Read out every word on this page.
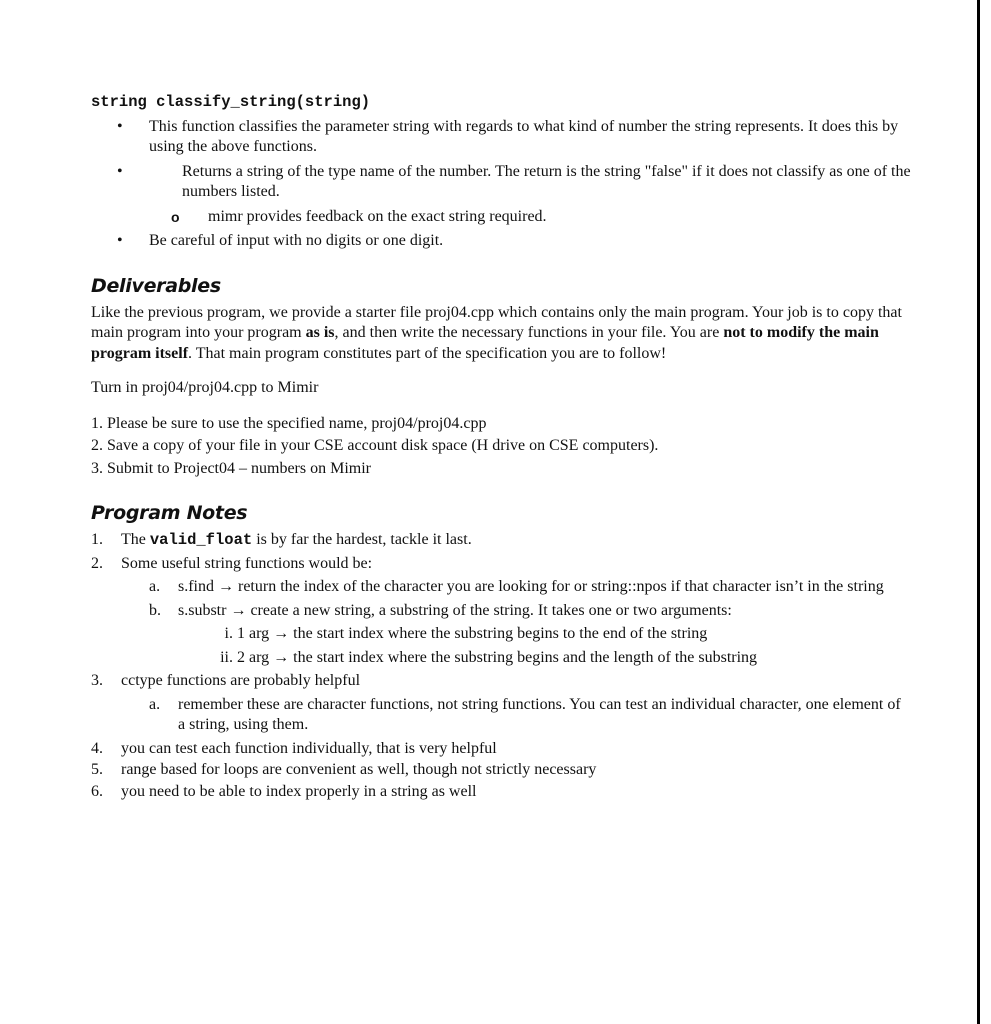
string classify_string(string)
• This function classifies the parameter string with regards to what kind of number the string represents. It does this by using the above functions.
•	Returns a string of the type name of the number. The return is the string "false" if it does not classify as one of the numbers listed.
o mimr provides feedback on the exact string required.
• Be careful of input with no digits or one digit.
Deliverables

Like the previous program, we provide a starter file proj04.cpp which contains only the main program. Your job is to copy that main program into your program as is, and then write the necessary functions in your file. You are not to modify the main program itself. That main program constitutes part of the specification you are to follow!

Turn in proj04/proj04.cpp to Mimir

1. Please be sure to use the specified name, proj04/proj04.cpp

2. Save a copy of your file in your CSE account disk space (H drive on CSE computers).

3. Submit to Project04 – numbers on Mimir

Program Notes
1. The valid_float is by far the hardest, tackle it last.
2. Some useful string functions would be:
a. s.find → return the index of the character you are looking for or string::npos if that character isn’t in the string
b. s.substr → create a new string, a substring of the string. It takes one or two arguments:
i. 1 arg → the start index where the substring begins to the end of the string
ii. 2 arg → the start index where the substring begins and the length of the substring
3. cctype functions are probably helpful
a. remember these are character functions, not string functions. You can test an individual character, one element of a string, using them.
4. you can test each function individually, that is very helpful
5. range based for loops are convenient as well, though not strictly necessary
6. you need to be able to index properly in a string as well
